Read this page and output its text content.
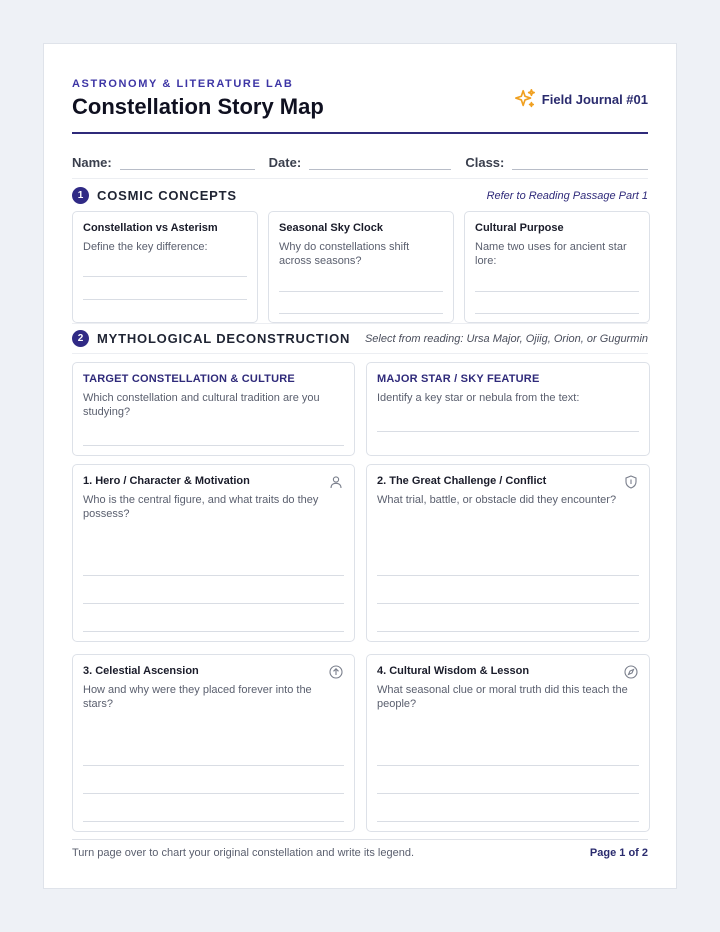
ASTRONOMY & LITERATURE LAB
Constellation Story Map	Field Journal #01
Name:	Date:	Class:
1	COSMIC CONCEPTS	Refer to Reading Passage Part 1
Constellation vs Asterism
Define the key difference:
Seasonal Sky Clock
Why do constellations shift across seasons?
Cultural Purpose
Name two uses for ancient star lore:
2	MYTHOLOGICAL DECONSTRUCTION Select from reading: Ursa Major, Ojiig, Orion, or Gugurmin
TARGET CONSTELLATION & CULTURE
Which constellation and cultural tradition are you studying?
MAJOR STAR / SKY FEATURE
Identify a key star or nebula from the text:
1. Hero / Character & Motivation
Who is the central figure, and what traits do they possess?
2. The Great Challenge / Conflict
What trial, battle, or obstacle did they encounter?
3. Celestial Ascension
How and why were they placed forever into the stars?
4. Cultural Wisdom & Lesson
What seasonal clue or moral truth did this teach the people?
Turn page over to chart your original constellation and write its legend.	Page 1 of 2
